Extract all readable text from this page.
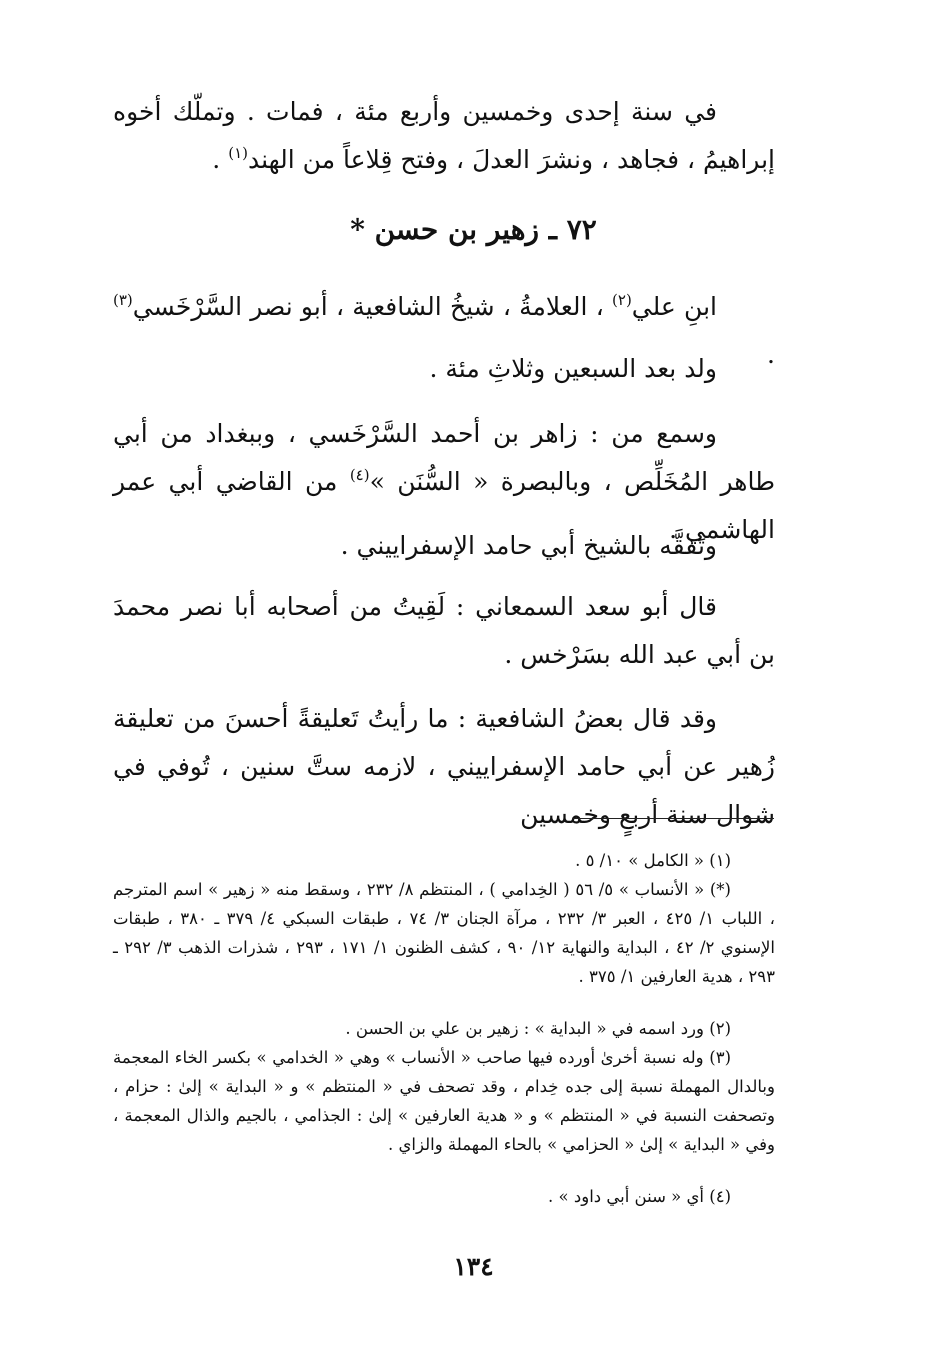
في سنة إحدى وخمسين وأربع مئة ، فمات . وتملّك أخوه إبراهيمُ ، فجاهد ، ونشرَ العدلَ ، وفتح قِلاعاً من الهند$^{(١)}$ .
٧٢ ـ زهير بن حسن ‌*
ابنِ علي$^{(٢)}$ ، العلامةُ ، شيخُ الشافعية ، أبو نصر السَّرْخَسي$^{(٣)}$ .
ولد بعد السبعين وثلاثِ مئة .
وسمع من : زاهر بن أحمد السَّرْخَسي ، وببغداد من أبي طاهر المُخَلِّص ، وبالبصرة « السُّنَن »$^{(٤)}$ من القاضي أبي عمر الهاشمي .
وتَفقَّه بالشيخ أبي حامد الإسفراييني .
قال أبو سعد السمعاني : لَقِيتُ من أصحابه أبا نصر محمدَ بن أبي عبد الله بسَرْخس .
وقد قال بعضُ الشافعية : ما رأيتُ تَعليقةً أحسنَ من تعليقة زُهير عن أبي حامد الإسفراييني ، لازمه ستَّ سنين ، تُوفي في شوال سنة أربعٍ وخمسين
(١) « الكامل » ١٠/ ٥ .
(*) « الأنساب » ٥/ ٥٦ ( الخِدامي ) ، المنتظم ٨/ ٢٣٢ ، وسقط منه « زهير » اسم المترجم ، اللباب ١/ ٤٢٥ ، العبر ٣/ ٢٣٢ ، مرآة الجنان ٣/ ٧٤ ، طبقات السبكي ٤/ ٣٧٩ ـ ٣٨٠ ، طبقات الإسنوي ٢/ ٤٢ ، البداية والنهاية ١٢/ ٩٠ ، كشف الظنون ١/ ١٧١ ، ٢٩٣ ، شذرات الذهب ٣/ ٢٩٢ ـ ٢٩٣ ، هدية العارفين ١/ ٣٧٥ .
(٢) ورد اسمه في « البداية » : زهير بن علي بن الحسن .
(٣) وله نسبة أخرىٰ أورده فيها صاحب « الأنساب » وهي « الخدامي » بكسر الخاء المعجمة وبالدال المهملة نسبة إلى جده خِدام ، وقد تصحف في « المنتظم » و « البداية » إلىٰ : حزام ، وتصحفت النسبة في « المنتظم » و « هدية العارفين » إلىٰ : الجذامي ، بالجيم والذال المعجمة ، وفي « البداية » إلىٰ « الحزامي » بالحاء المهملة والزاي .
(٤) أي « سنن أبي داود » .
١٣٤
